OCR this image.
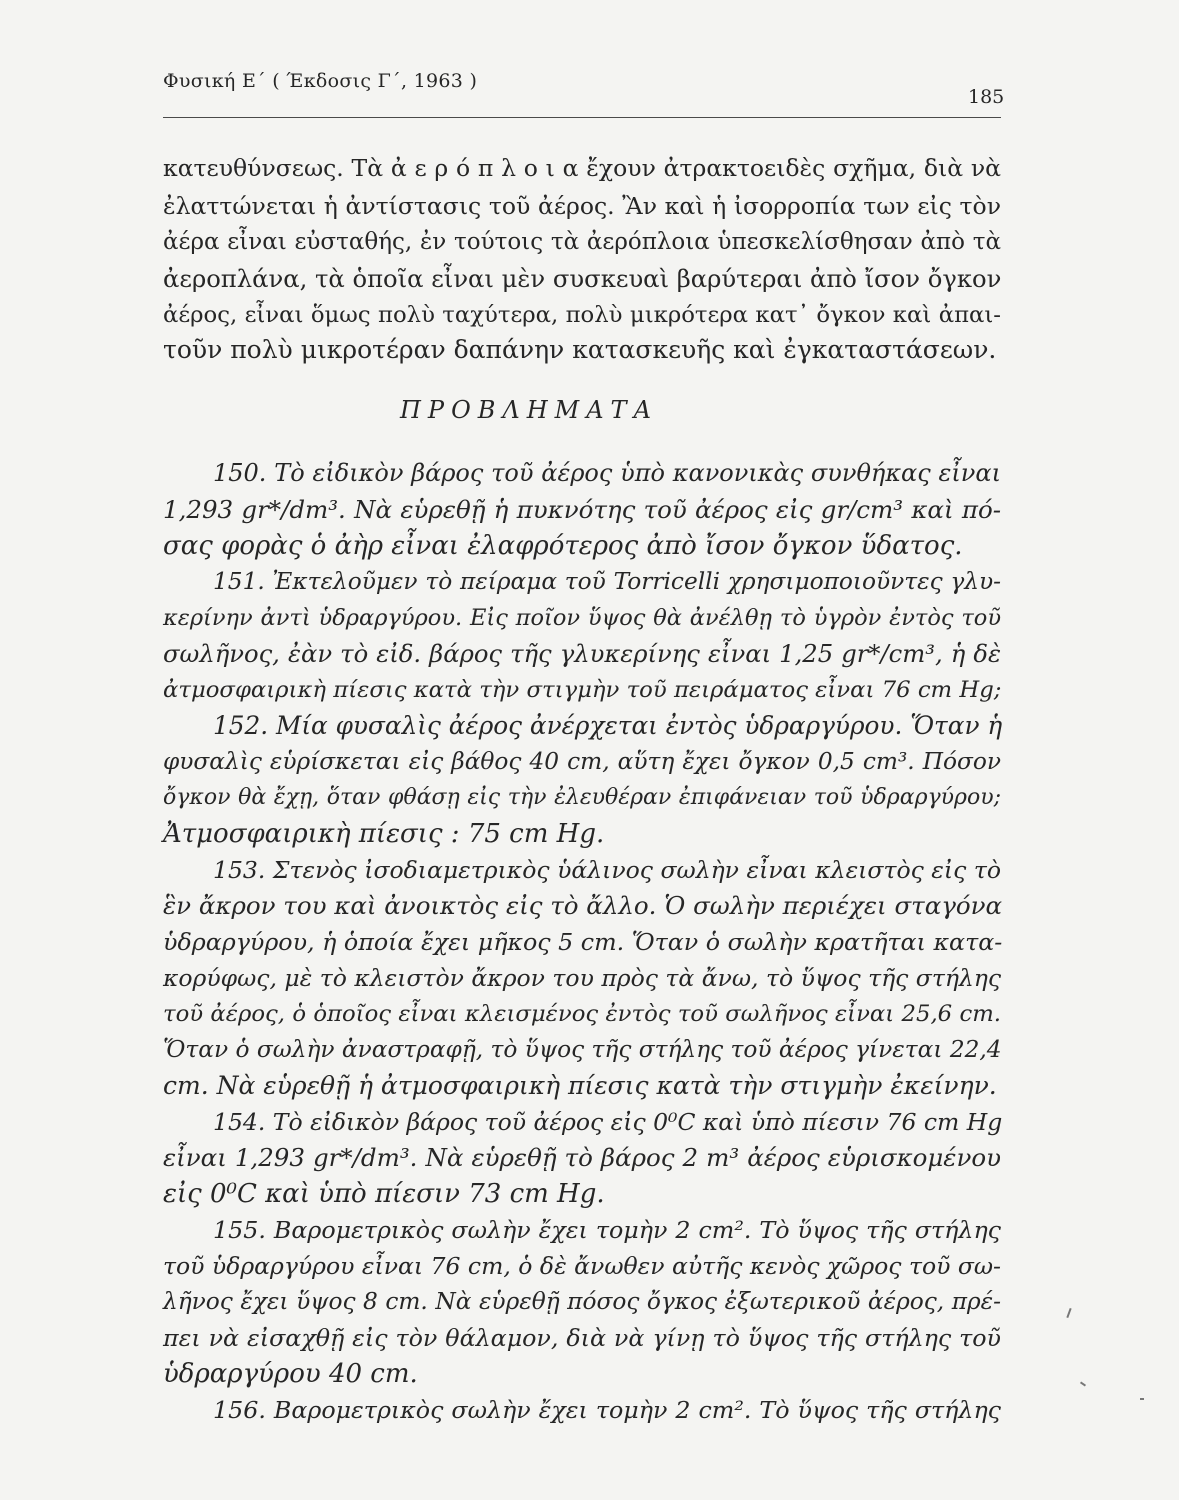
Φυσική Ε΄ ( Έκδοσις Γ΄, 1963 )
185
κατευθύνσεως. Τὰ ἀ ε ρ ό π λ ο ι α ἔχουν ἀτρακτοειδὲς σχῆμα, διὰ νὰ
ἐλαττώνεται ἡ ἀντίστασις τοῦ ἀέρος. Ἂν καὶ ἡ ἰσορροπία των εἰς τὸν
ἀέρα εἶναι εὐσταθής, ἐν τούτοις τὰ ἀερόπλοια ὑπεσκελίσθησαν ἀπὸ τὰ
ἀεροπλάνα, τὰ ὁποῖα εἶναι μὲν συσκευαὶ βαρύτεραι ἀπὸ ἴσον ὄγκον
ἀέρος, εἶναι ὅμως πολὺ ταχύτερα, πολὺ μικρότερα κατ᾽ ὄγκον καὶ ἀπαι-
τοῦν πολὺ μικροτέραν δαπάνην κατασκευῆς καὶ ἐγκαταστάσεων.
ΠΡΟΒΛΗΜΑΤΑ
150. Τὸ εἰδικὸν βάρος τοῦ ἀέρος ὑπὸ κανονικὰς συνθήκας εἶναι
1,293 gr*/dm³. Νὰ εὑρεθῇ ἡ πυκνότης τοῦ ἀέρος εἰς gr/cm³ καὶ πό-
σας φορὰς ὁ ἀὴρ εἶναι ἐλαφρότερος ἀπὸ ἴσον ὄγκον ὕδατος.
151. Ἐκτελοῦμεν τὸ πείραμα τοῦ Torricelli χρησιμοποιοῦντες γλυ-
κερίνην ἀντὶ ὑδραργύρου. Εἰς ποῖον ὕψος θὰ ἀνέλθῃ τὸ ὑγρὸν ἐντὸς τοῦ
σωλῆνος, ἐὰν τὸ εἰδ. βάρος τῆς γλυκερίνης εἶναι 1,25 gr*/cm³, ἡ δὲ
ἀτμοσφαιρικὴ πίεσις κατὰ τὴν στιγμὴν τοῦ πειράματος εἶναι 76 cm Hg;
152. Μία φυσαλὶς ἀέρος ἀνέρχεται ἐντὸς ὑδραργύρου. Ὅταν ἡ
φυσαλὶς εὑρίσκεται εἰς βάθος 40 cm, αὕτη ἔχει ὄγκον 0,5 cm³. Πόσον
ὄγκον θὰ ἔχῃ, ὅταν φθάσῃ εἰς τὴν ἐλευθέραν ἐπιφάνειαν τοῦ ὑδραργύρου;
Ἀτμοσφαιρικὴ πίεσις : 75 cm Hg.
153. Στενὸς ἰσοδιαμετρικὸς ὑάλινος σωλὴν εἶναι κλειστὸς εἰς τὸ
ἓν ἄκρον του καὶ ἀνοικτὸς εἰς τὸ ἄλλο. Ὁ σωλὴν περιέχει σταγόνα
ὑδραργύρου, ἡ ὁποία ἔχει μῆκος 5 cm. Ὅταν ὁ σωλὴν κρατῆται κατα-
κορύφως, μὲ τὸ κλειστὸν ἄκρον του πρὸς τὰ ἄνω, τὸ ὕψος τῆς στήλης
τοῦ ἀέρος, ὁ ὁποῖος εἶναι κλεισμένος ἐντὸς τοῦ σωλῆνος εἶναι 25,6 cm.
Ὅταν ὁ σωλὴν ἀναστραφῇ, τὸ ὕψος τῆς στήλης τοῦ ἀέρος γίνεται 22,4
cm. Νὰ εὑρεθῇ ἡ ἀτμοσφαιρικὴ πίεσις κατὰ τὴν στιγμὴν ἐκείνην.
154. Τὸ εἰδικὸν βάρος τοῦ ἀέρος εἰς 0⁰C καὶ ὑπὸ πίεσιν 76 cm Hg
εἶναι 1,293 gr*/dm³. Νὰ εὑρεθῇ τὸ βάρος 2 m³ ἀέρος εὑρισκομένου
εἰς 0⁰C καὶ ὑπὸ πίεσιν 73 cm Hg.
155. Βαρομετρικὸς σωλὴν ἔχει τομὴν 2 cm². Τὸ ὕψος τῆς στήλης
τοῦ ὑδραργύρου εἶναι 76 cm, ὁ δὲ ἄνωθεν αὐτῆς κενὸς χῶρος τοῦ σω-
λῆνος ἔχει ὕψος 8 cm. Νὰ εὑρεθῇ πόσος ὄγκος ἐξωτερικοῦ ἀέρος, πρέ-
πει νὰ εἰσαχθῇ εἰς τὸν θάλαμον, διὰ νὰ γίνῃ τὸ ὕψος τῆς στήλης τοῦ
ὑδραργύρου 40 cm.
156. Βαρομετρικὸς σωλὴν ἔχει τομὴν 2 cm². Τὸ ὕψος τῆς στήλης
